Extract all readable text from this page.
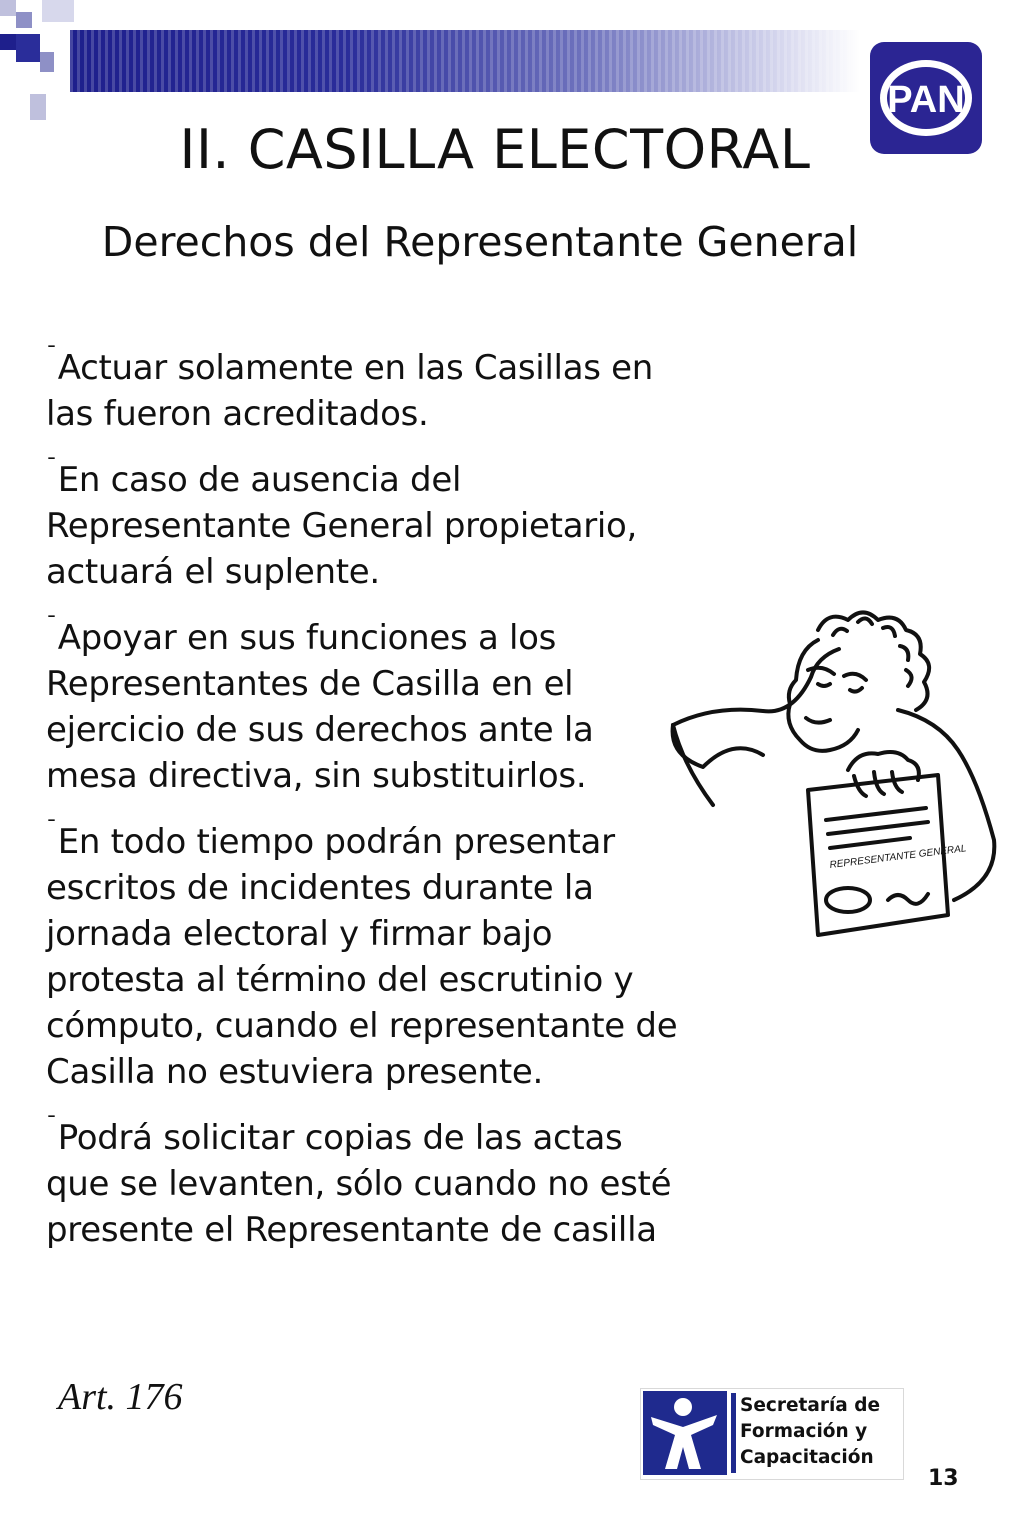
PAN
II. CASILLA ELECTORAL
Derechos del Representante General

¯Actuar solamente en las Casillas en las fueron acreditados.

¯En caso de ausencia del Representante General propietario, actuará el suplente.

¯Apoyar en sus funciones a los Representantes de Casilla en el ejercicio de sus derechos ante la mesa directiva, sin substituirlos.

¯En todo tiempo podrán presentar escritos de incidentes durante la jornada electoral y firmar bajo protesta al término del escrutinio y cómputo, cuando el representante de Casilla no estuviera presente.

¯Podrá solicitar copias de las actas que se levanten, sólo cuando no esté presente el Representante de casilla

REPRESENTANTE GENERAL
Art. 176	Secretaría de
Formación y
Capacitación
13
